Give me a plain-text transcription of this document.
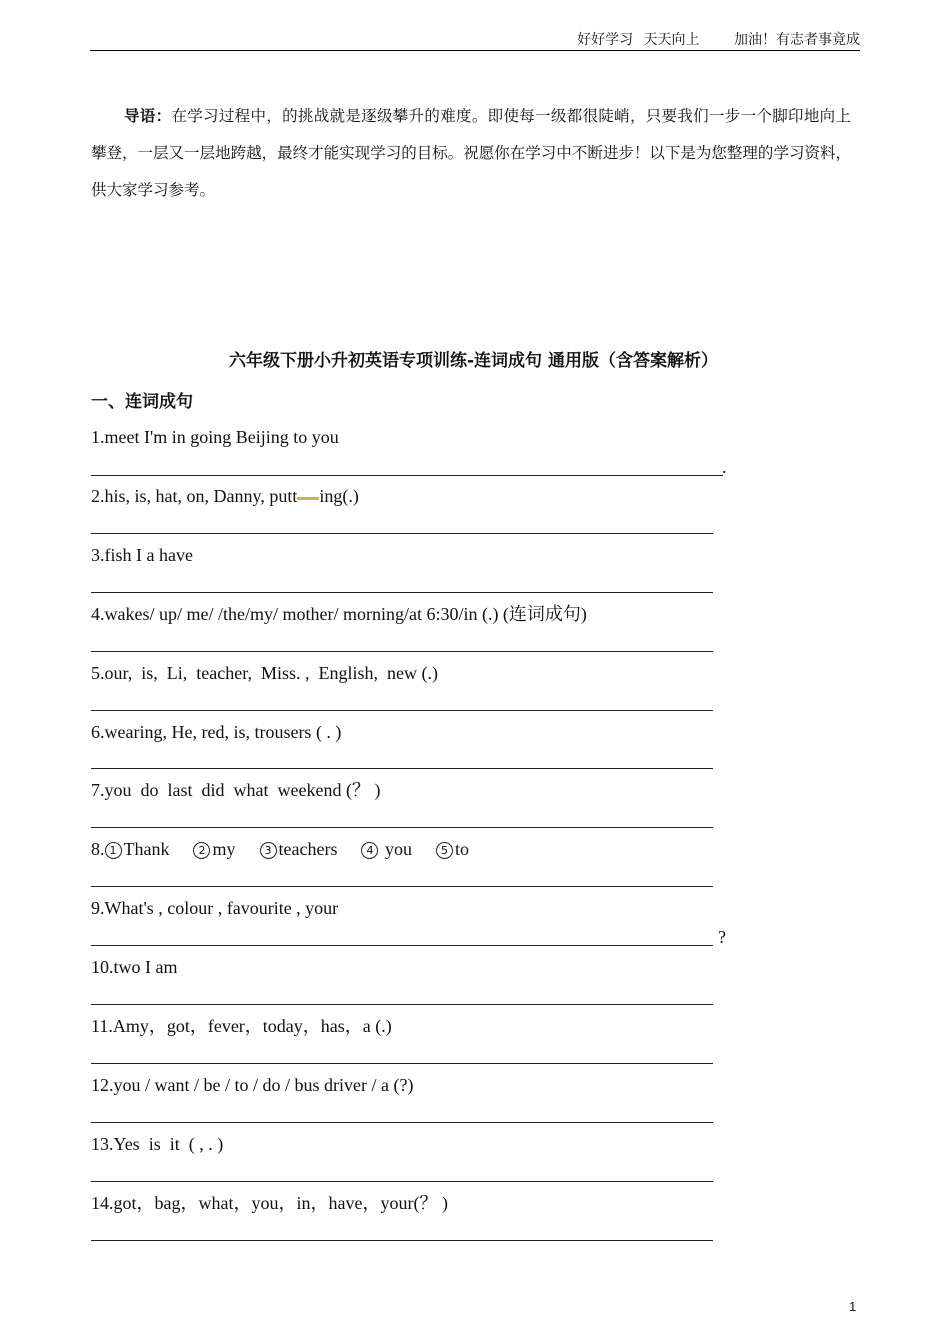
好好学习 天天向上 加油！有志者事竟成
导语：在学习过程中，的挑战就是逐级攀升的难度。即使每一级都很陡峭，只要我们一步一个脚印地向上攀登，一层又一层地跨越，最终才能实现学习的目标。祝愿你在学习中不断进步！以下是为您整理的学习资料，供大家学习参考。
六年级下册小升初英语专项训练-连词成句 通用版（含答案解析）
一、连词成句
1.meet I'm in going Beijing to you
.
2.his, is, hat, on, Danny, putt ing(.)
3.fish I a have
4.wakes/ up/ me/ /the/my/ mother/ morning/at 6:30/in (.) (连词成句)
5.our,  is,  Li,  teacher,  Miss. ,  English,  new (.)
6.wearing, He, red, is, trousers ( . )
7.you  do  last  did  what  weekend (？ )
8. 1 Thank	2 my	3 teachers	4 you	5 to
9.What's , colour , favourite , your
?
10.two I am
11.Amy，got，fever，today，has，a (.)
12.you / want / be / to / do / bus driver / a (?)
13.Yes  is  it  ( , . )
14.got，bag，what，you，in，have，your(？ )
1
